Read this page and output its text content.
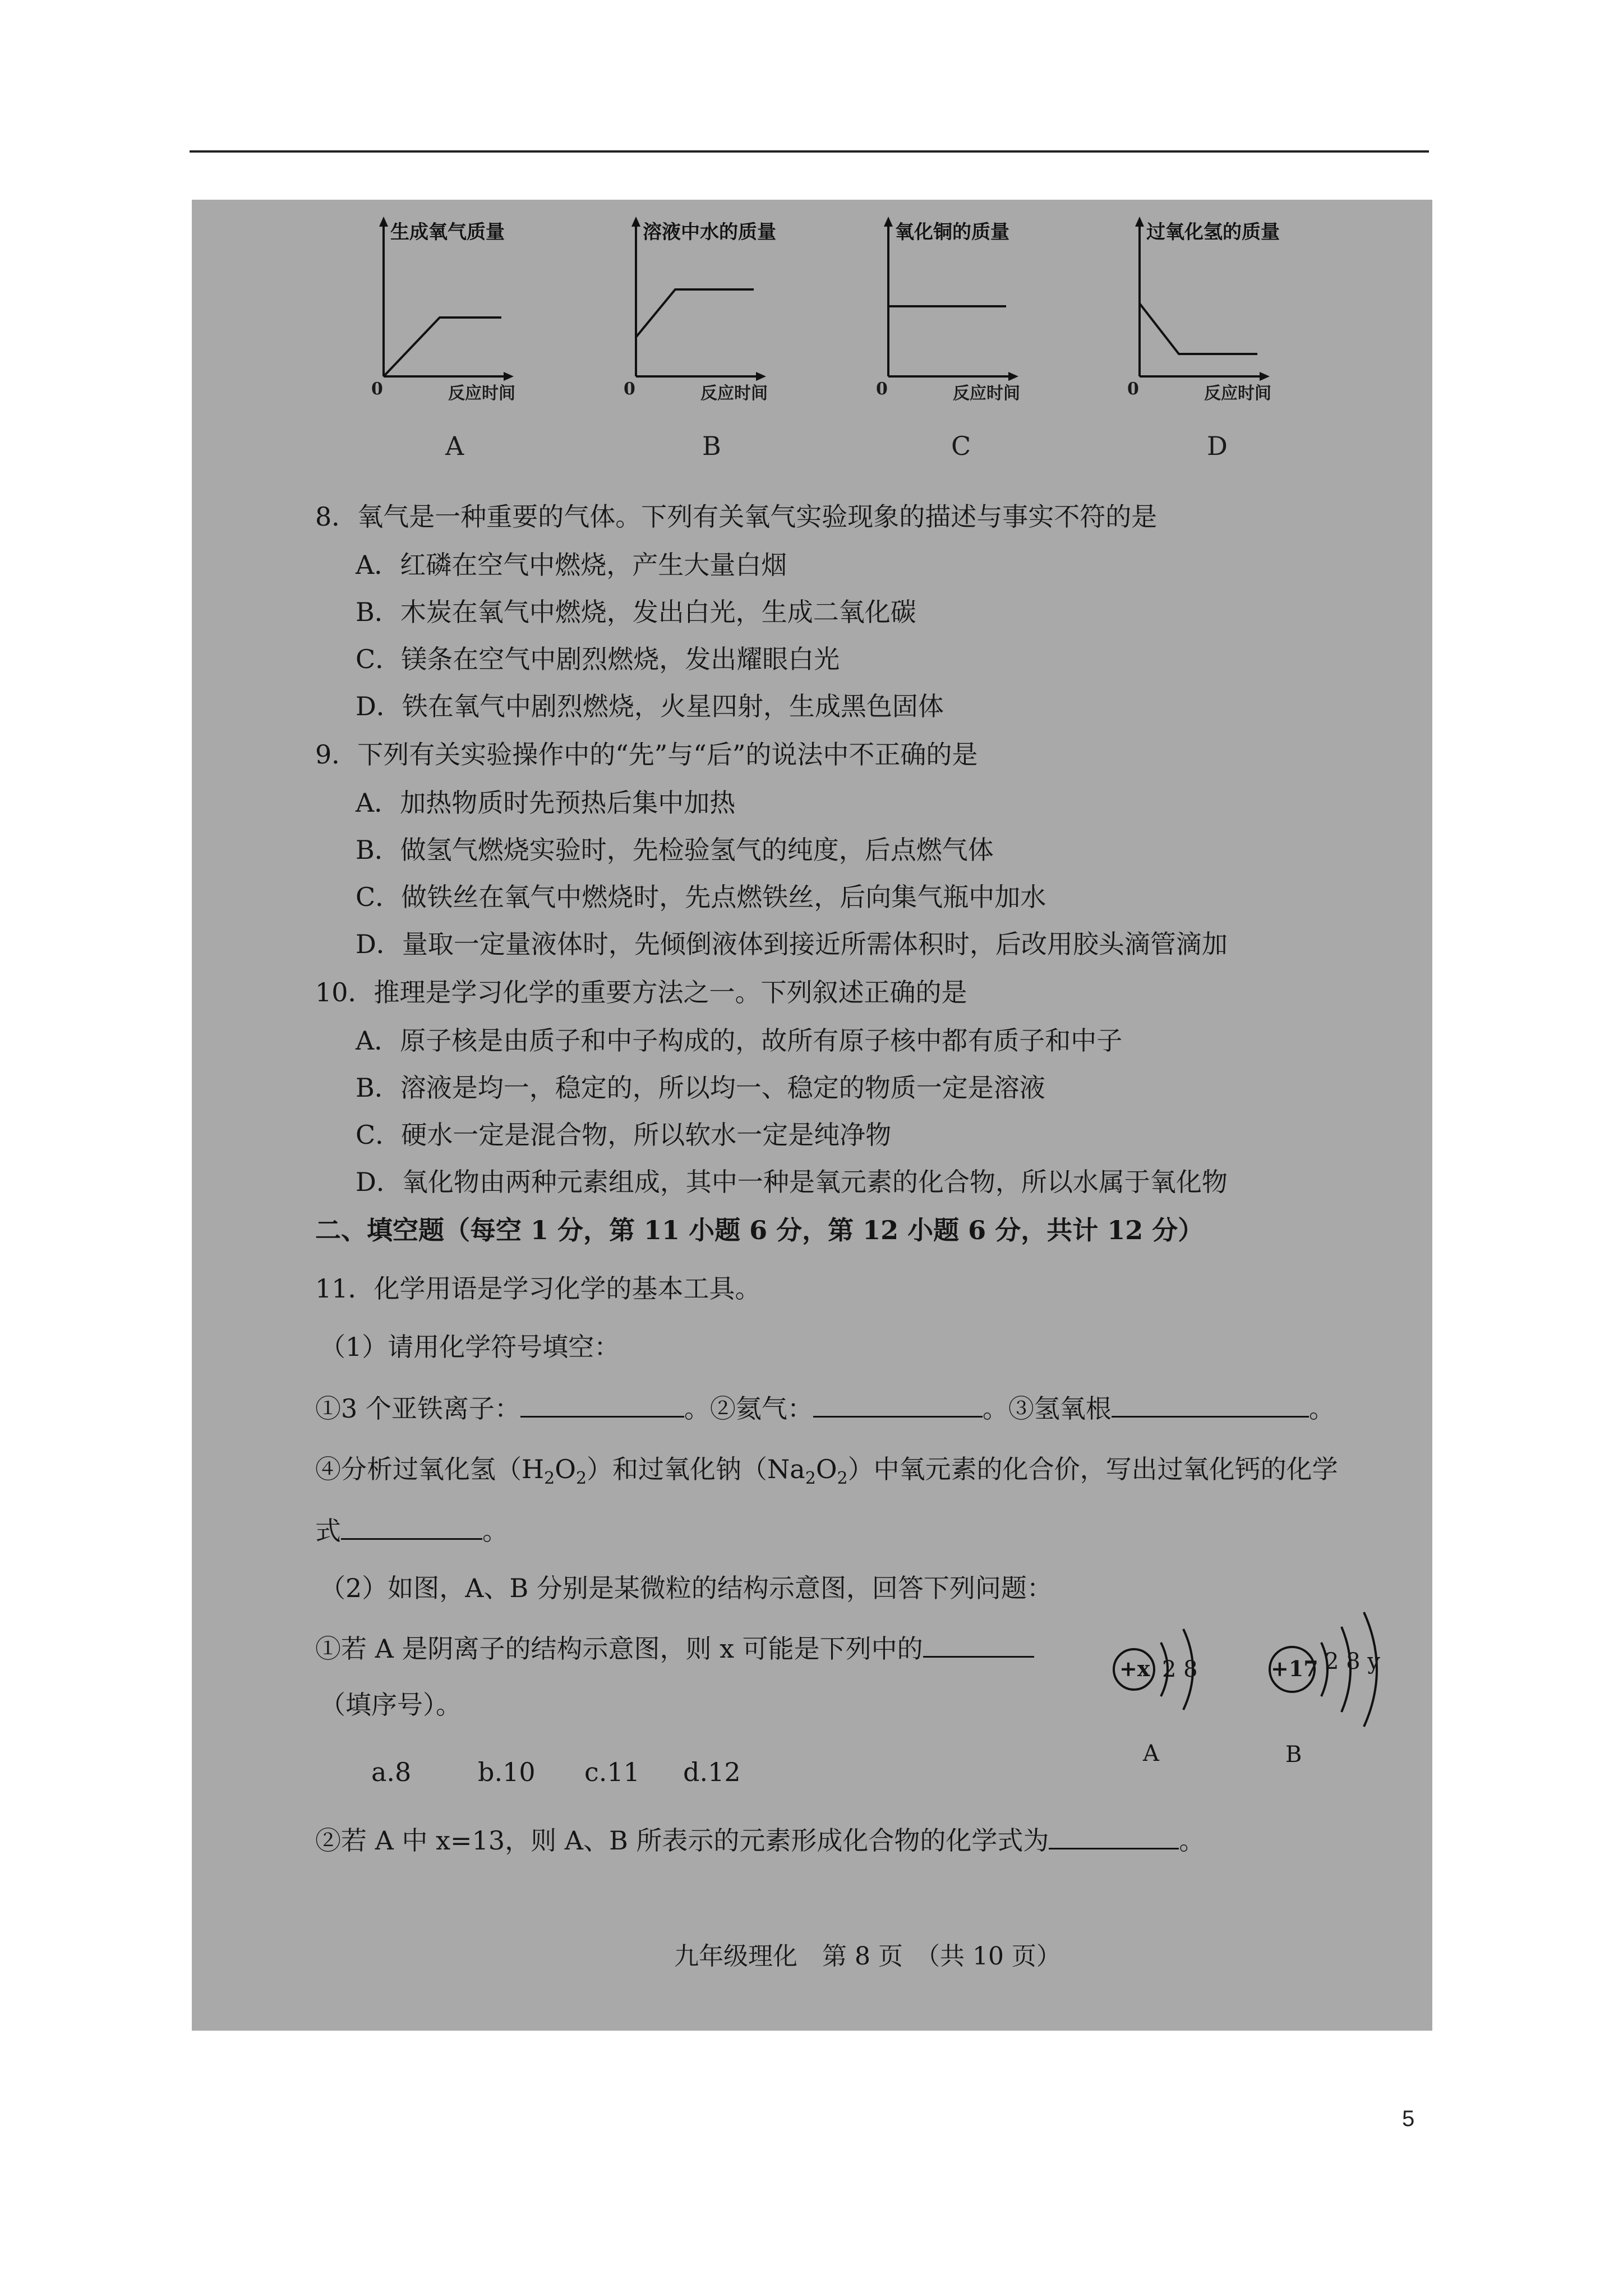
生成氧气质量
0	反应时间
A
溶液中水的质量
0	反应时间
B
氧化铜的质量
0	反应时间
C
过氧化氢的质量
0	反应时间
D
8．氧气是一种重要的气体。下列有关氧气实验现象的描述与事实不符的是
A．红磷在空气中燃烧，产生大量白烟
B．木炭在氧气中燃烧，发出白光，生成二氧化碳
C．镁条在空气中剧烈燃烧，发出耀眼白光
D．铁在氧气中剧烈燃烧，火星四射，生成黑色固体
9．下列有关实验操作中的“先”与“后”的说法中不正确的是
A．加热物质时先预热后集中加热
B．做氢气燃烧实验时，先检验氢气的纯度，后点燃气体
C．做铁丝在氧气中燃烧时，先点燃铁丝，后向集气瓶中加水
D．量取一定量液体时，先倾倒液体到接近所需体积时，后改用胶头滴管滴加
10．推理是学习化学的重要方法之一。下列叙述正确的是
A．原子核是由质子和中子构成的，故所有原子核中都有质子和中子
B．溶液是均一，稳定的，所以均一、稳定的物质一定是溶液
C．硬水一定是混合物，所以软水一定是纯净物
D．氧化物由两种元素组成，其中一种是氧元素的化合物，所以水属于氧化物
二、填空题（每空 1 分，第 11 小题 6 分，第 12 小题 6 分，共计 12 分）
11．化学用语是学习化学的基本工具。
（1）请用化学符号填空：
①3 个亚铁离子：	。②氦气：	。③氢氧根	。
④分析过氧化氢$(H_2O_2)$和过氧化钠$(Na_2O_2)$中氧元素的化合价，写出过氧化钙的化学
式	。
（2）如图，A、B 分别是某微粒的结构示意图，回答下列问题：
①若 A 是阴离子的结构示意图，则 x 可能是下列中的
（填序号）。
a.8	b.10 c.11 d.12
②若 A 中 x=13，则 A、B 所表示的元素形成化合物的化学式为	。
+x 2 8
A
+17 2 8 y
B
九年级理化　第 8 页　（共 10 页）
5
